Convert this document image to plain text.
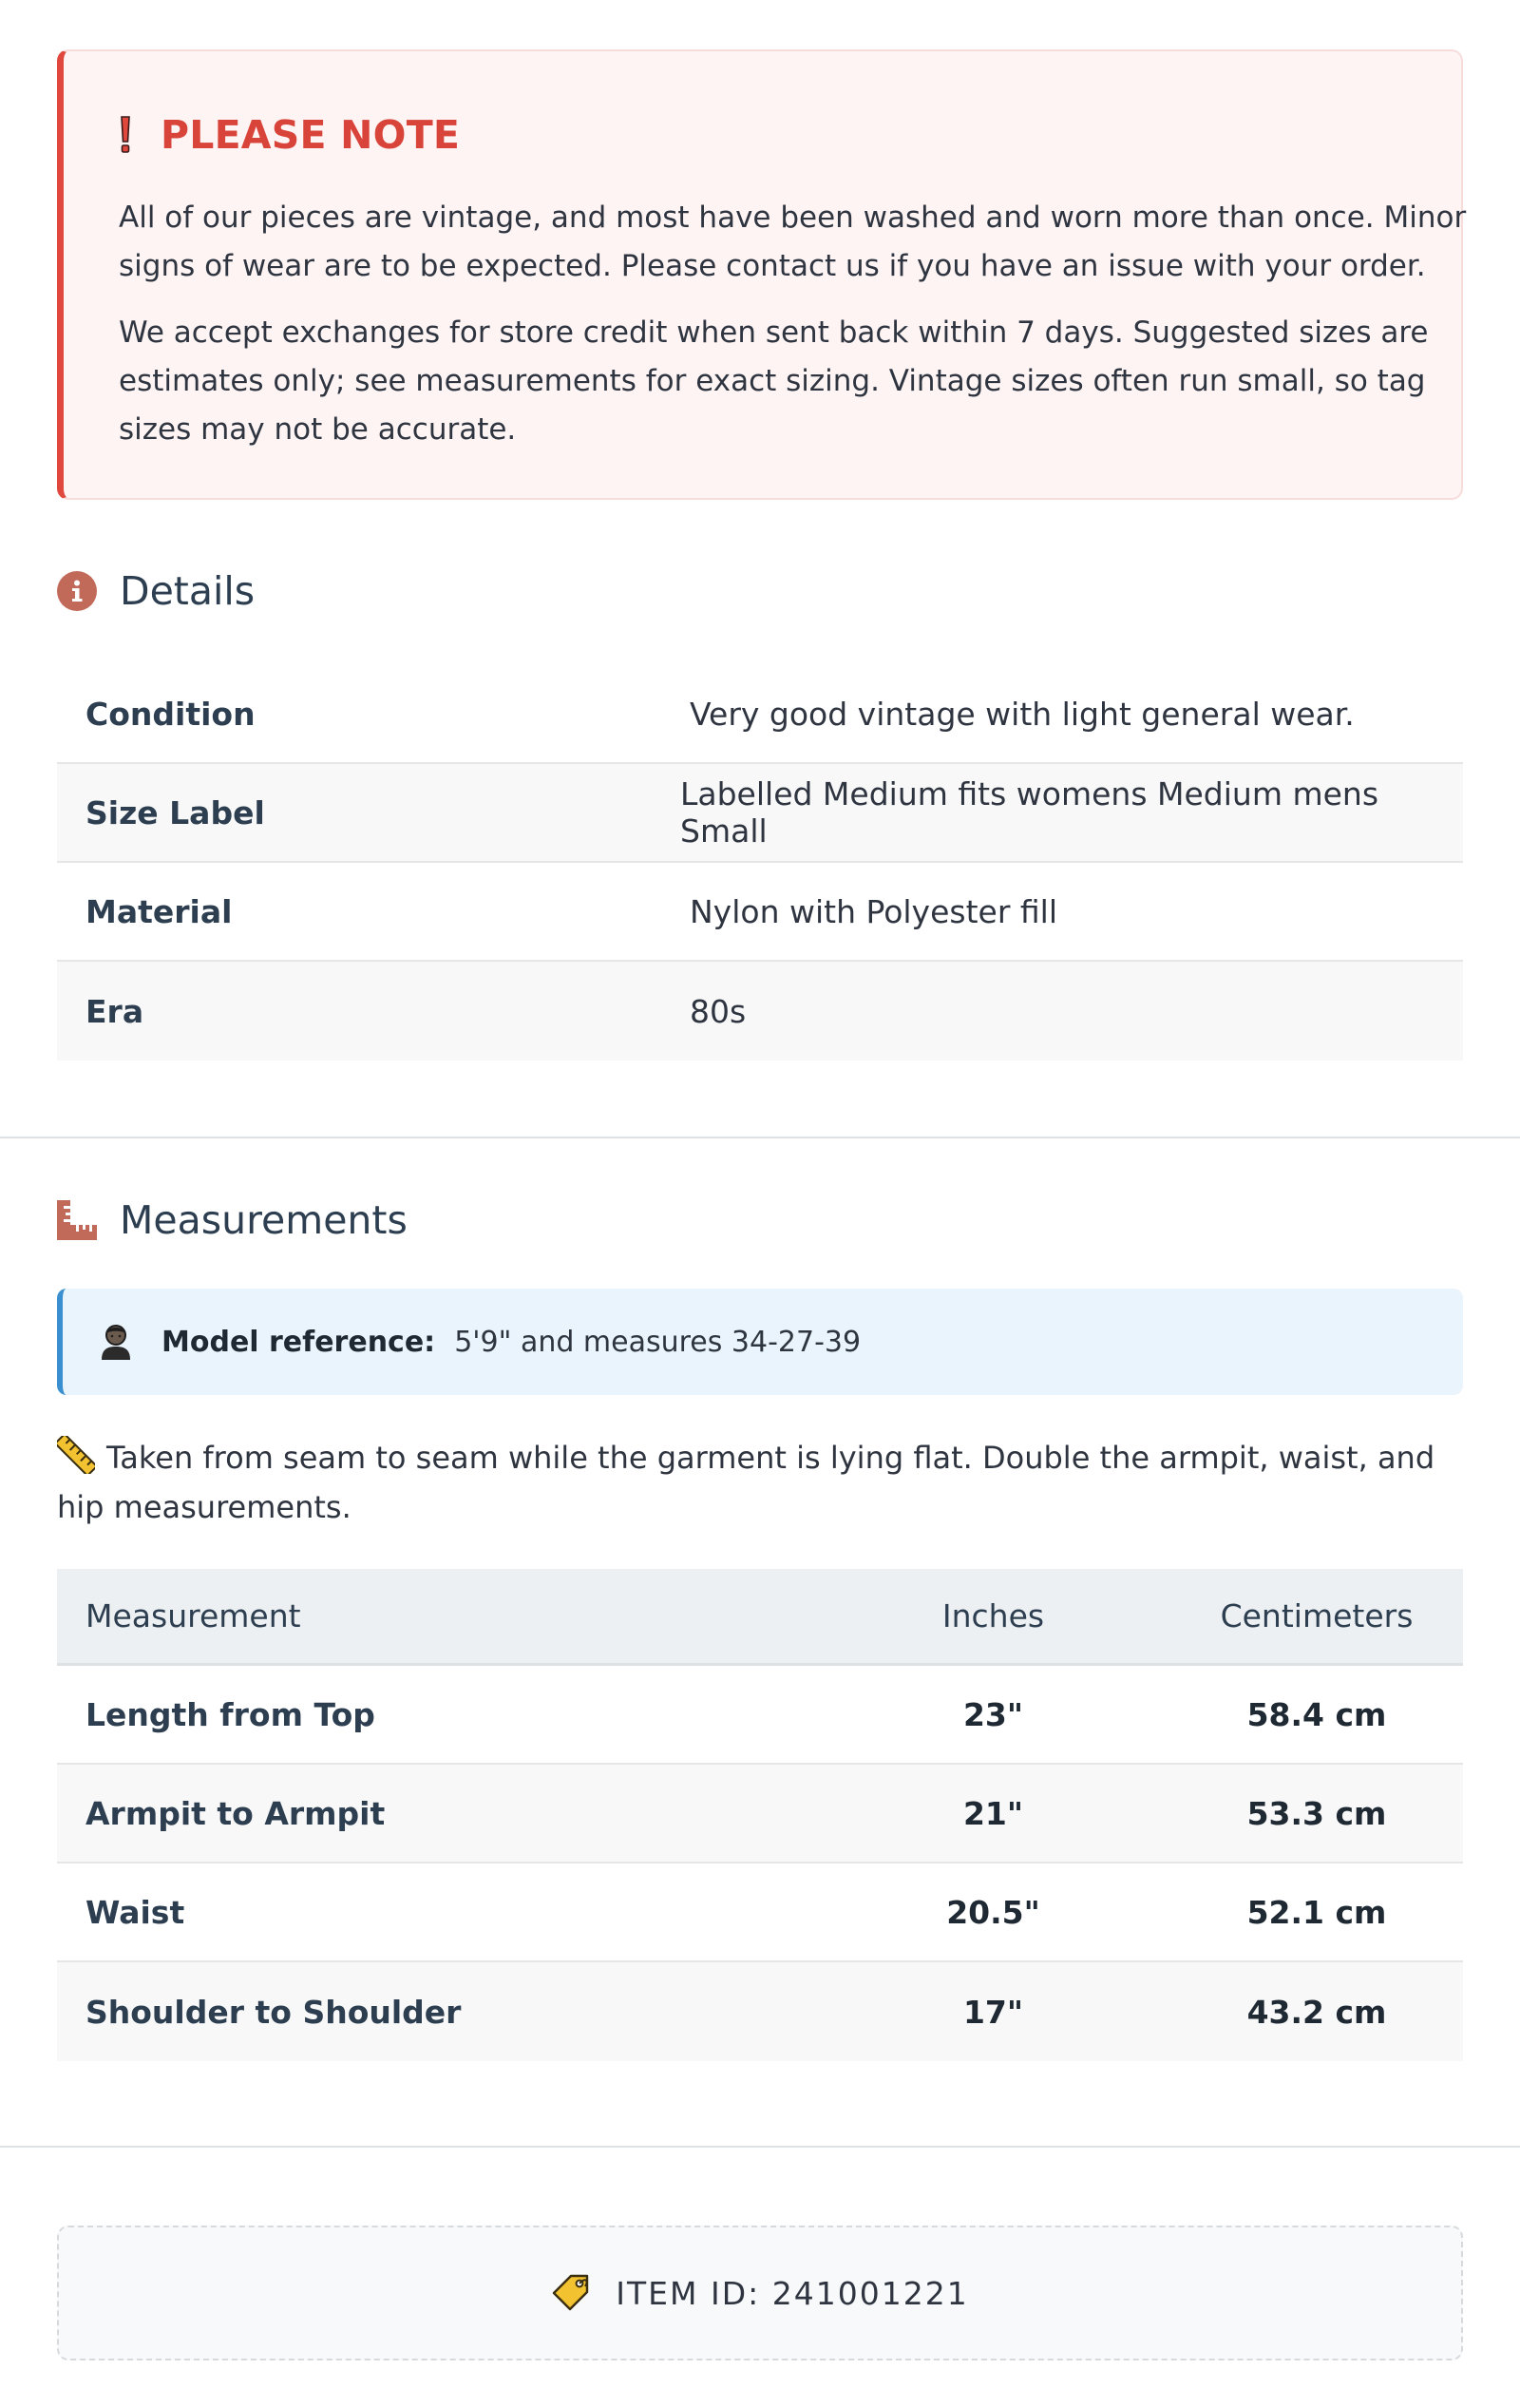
PLEASE NOTE

All of our pieces are vintage, and most have been washed and worn more than once. Minor signs of wear are to be expected. Please contact us if you have an issue with your order.

We accept exchanges for store credit when sent back within 7 days. Suggested sizes are estimates only; see measurements for exact sizing. Vintage sizes often run small, so tag sizes may not be accurate.

Details
Condition	Very good vintage with light general wear.
Size Label	Labelled Medium fits womens Medium mens Small
Material	Nylon with Polyester fill
Era	80s
Measurements
Model reference: 5'9" and measures 34-27-39
Taken from seam to seam while the garment is lying flat. Double the armpit, waist, and hip measurements.
Measurement	Inches	Centimeters
Length from Top	23"	58.4 cm
Armpit to Armpit	21"	53.3 cm
Waist	20.5"	52.1 cm
Shoulder to Shoulder	17"	43.2 cm
ITEM ID: 241001221
